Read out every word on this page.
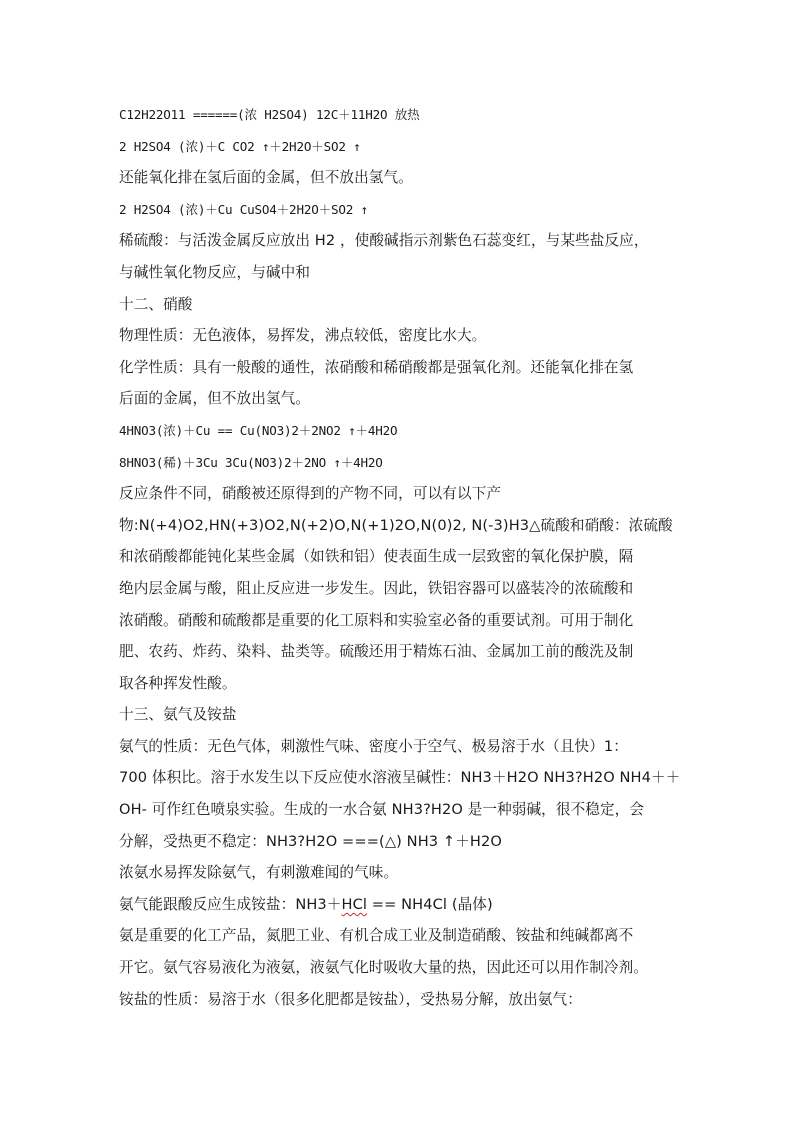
C12H22O11 ======(浓 H2SO4) 12C＋11H2O 放热
2 H2SO4 (浓)＋C CO2 ↑＋2H2O＋SO2 ↑
还能氧化排在氢后面的金属，但不放出氢气。
2 H2SO4 (浓)＋Cu CuSO4＋2H2O＋SO2 ↑
稀硫酸：与活泼金属反应放出 H2 ，使酸碱指示剂紫色石蕊变红，与某些盐反应，
与碱性氧化物反应，与碱中和
十二、硝酸
物理性质：无色液体，易挥发，沸点较低，密度比水大。
化学性质：具有一般酸的通性，浓硝酸和稀硝酸都是强氧化剂。还能氧化排在氢
后面的金属，但不放出氢气。
4HNO3(浓)＋Cu == Cu(NO3)2＋2NO2 ↑＋4H2O
8HNO3(稀)＋3Cu 3Cu(NO3)2＋2NO ↑＋4H2O
反应条件不同，硝酸被还原得到的产物不同，可以有以下产
物:N(+4)O2,HN(+3)O2,N(+2)O,N(+1)2O,N(0)2, N(-3)H3△硫酸和硝酸：浓硫酸
和浓硝酸都能钝化某些金属（如铁和铝）使表面生成一层致密的氧化保护膜，隔
绝内层金属与酸，阻止反应进一步发生。因此，铁铝容器可以盛装冷的浓硫酸和
浓硝酸。硝酸和硫酸都是重要的化工原料和实验室必备的重要试剂。可用于制化
肥、农药、炸药、染料、盐类等。硫酸还用于精炼石油、金属加工前的酸洗及制
取各种挥发性酸。
十三、氨气及铵盐
氨气的性质：无色气体，刺激性气味、密度小于空气、极易溶于水（且快）1：
700 体积比。溶于水发生以下反应使水溶液呈碱性：NH3＋H2O NH3?H2O NH4＋＋
OH- 可作红色喷泉实验。生成的一水合氨 NH3?H2O 是一种弱碱，很不稳定，会
分解，受热更不稳定：NH3?H2O ===(△) NH3 ↑＋H2O
浓氨水易挥发除氨气，有刺激难闻的气味。
氨气能跟酸反应生成铵盐：NH3＋HCl == NH4Cl (晶体)
氨是重要的化工产品，氮肥工业、有机合成工业及制造硝酸、铵盐和纯碱都离不
开它。氨气容易液化为液氨，液氨气化时吸收大量的热，因此还可以用作制冷剂。
铵盐的性质：易溶于水（很多化肥都是铵盐），受热易分解，放出氨气：
